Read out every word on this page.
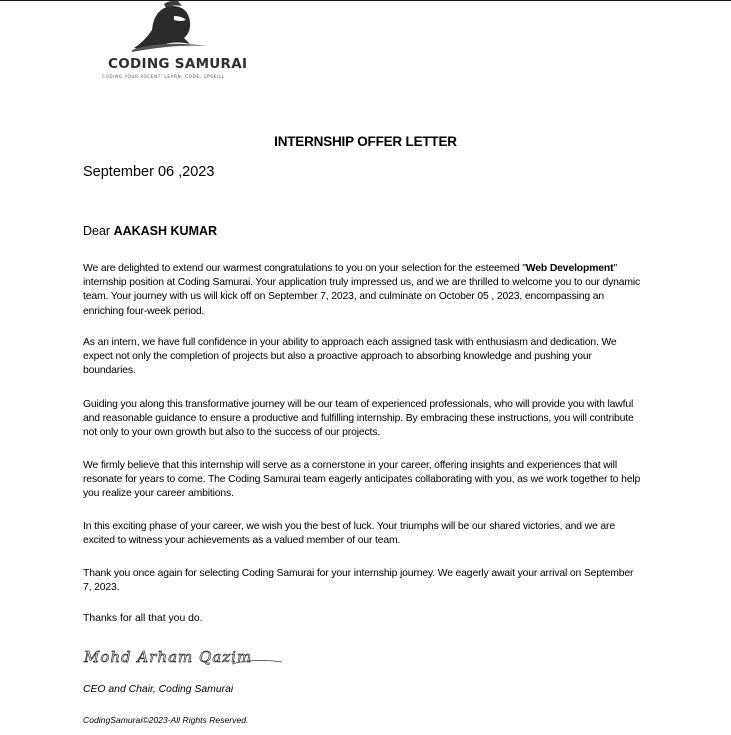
CODING SAMURAI
CODING YOUR ASCENT: LEARN, CODE, UPSKILL
INTERNSHIP OFFER LETTER
September 06 ,2023
Dear AAKASH KUMAR
We are delighted to extend our warmest congratulations to you on your selection for the esteemed "Web Development" internship position at Coding Samurai. Your application truly impressed us, and we are thrilled to welcome you to our dynamic team. Your journey with us will kick off on September 7, 2023, and culminate on October 05 , 2023, encompassing an enriching four-week period.
As an intern, we have full confidence in your ability to approach each assigned task with enthusiasm and dedication. We expect not only the completion of projects but also a proactive approach to absorbing knowledge and pushing your boundaries.
Guiding you along this transformative journey will be our team of experienced professionals, who will provide you with lawful and reasonable guidance to ensure a productive and fulfilling internship. By embracing these instructions, you will contribute not only to your own growth but also to the success of our projects.
We firmly believe that this internship will serve as a cornerstone in your career, offering insights and experiences that will resonate for years to come. The Coding Samurai team eagerly anticipates collaborating with you, as we work together to help you realize your career ambitions.
In this exciting phase of your career, we wish you the best of luck. Your triumphs will be our shared victories, and we are excited to witness your achievements as a valued member of our team.
Thank you once again for selecting Coding Samurai for your internship journey. We eagerly await your arrival on September 7, 2023.
Thanks for all that you do.
Mohd Arham Qazim
CEO and Chair, Coding Samurai
CodingSamurai©2023-All Rights Reserved.
